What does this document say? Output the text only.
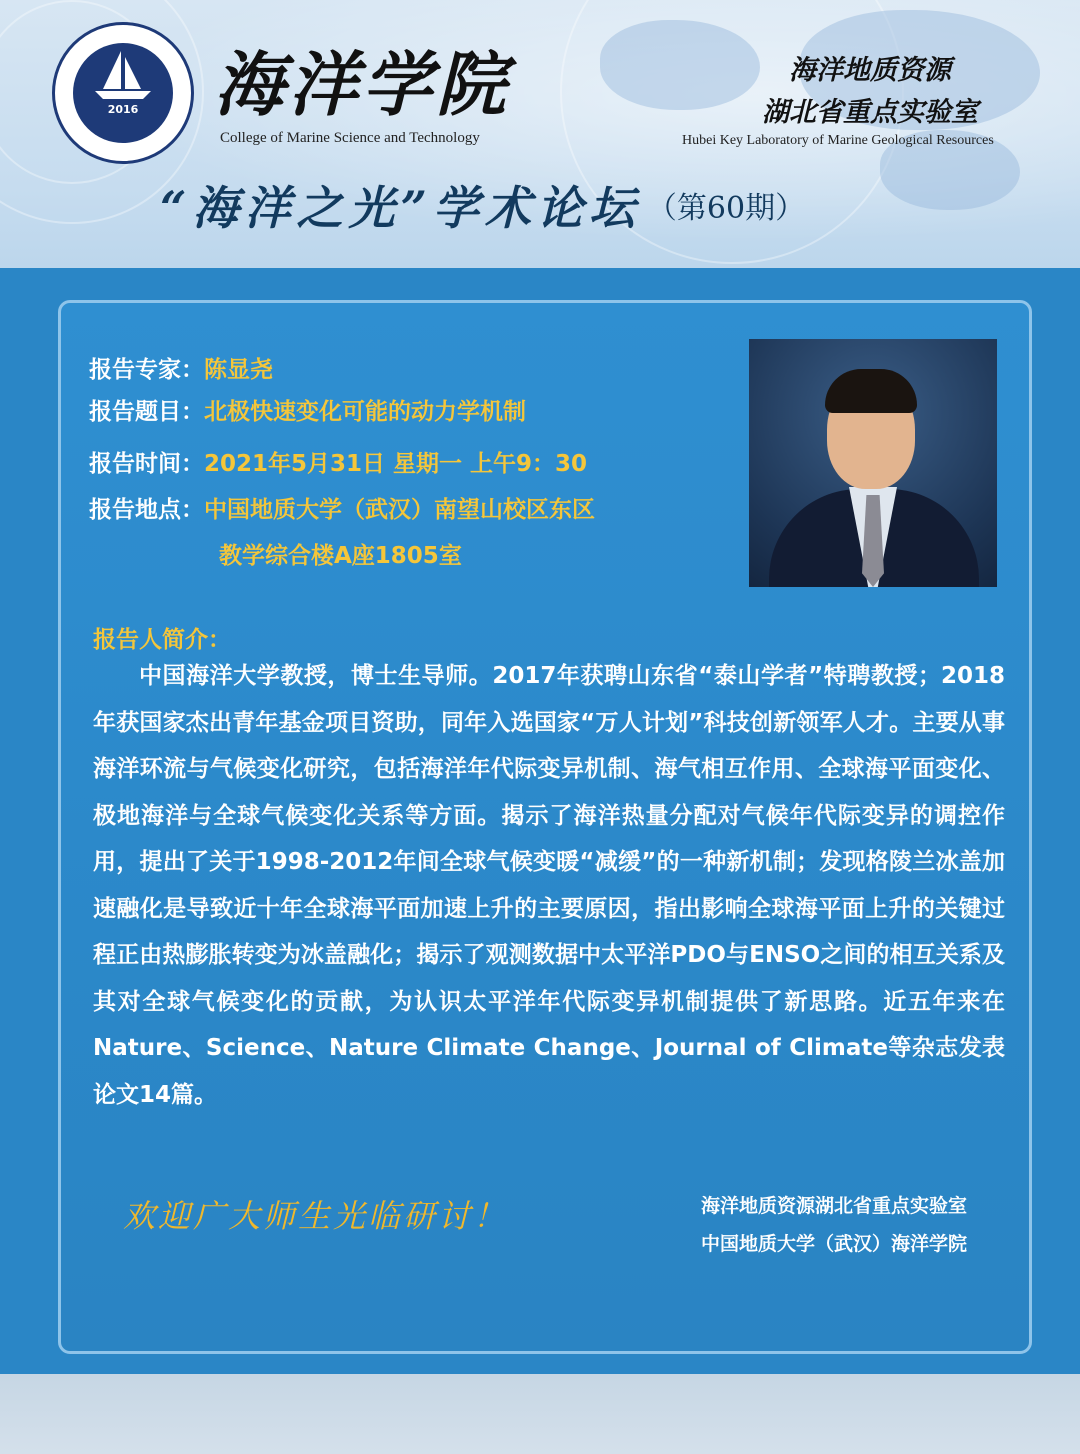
2016	海洋学院
College of Marine Science and Technology
海洋地质资源
湖北省重点实验室
Hubei Key Laboratory of Marine Geological Resources
“海洋之光”学术论坛 （第60期）
报告专家：陈显尧
报告题目：北极快速变化可能的动力学机制
报告时间：2021年5月31日 星期一 上午9：30
报告地点：中国地质大学（武汉）南望山校区东区
教学综合楼A座1805室
报告人简介：

中国海洋大学教授，博士生导师。2017年获聘山东省“泰山学者”特聘教授；2018年获国家杰出青年基金项目资助，同年入选国家“万人计划”科技创新领军人才。主要从事海洋环流与气候变化研究，包括海洋年代际变异机制、海气相互作用、全球海平面变化、极地海洋与全球气候变化关系等方面。揭示了海洋热量分配对气候年代际变异的调控作用，提出了关于1998-2012年间全球气候变暖“减缓”的一种新机制；发现格陵兰冰盖加速融化是导致近十年全球海平面加速上升的主要原因，指出影响全球海平面上升的关键过程正由热膨胀转变为冰盖融化；揭示了观测数据中太平洋PDO与ENSO之间的相互关系及其对全球气候变化的贡献，为认识太平洋年代际变异机制提供了新思路。近五年来在Nature、Science、Nature Climate Change、Journal of Climate等杂志发表论文14篇。

欢迎广大师生光临研讨！	海洋地质资源湖北省重点实验室
中国地质大学（武汉）海洋学院
